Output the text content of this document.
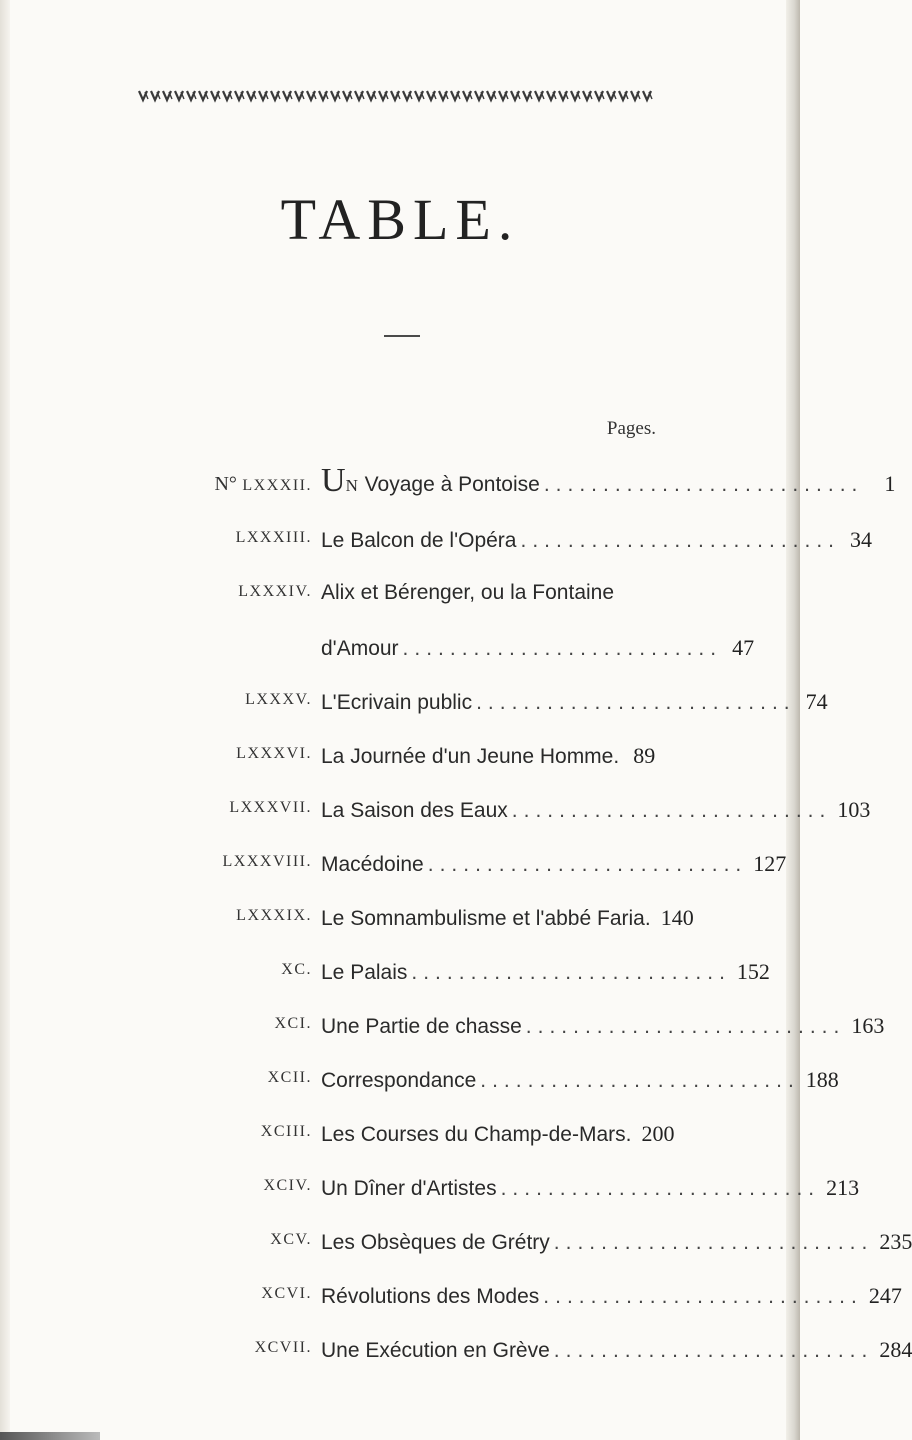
TABLE.
Pages.
N° LXXXII. UN Voyage à Pontoise ........................... 1
LXXXIII. Le Balcon de l'Opéra ........................... 34
LXXXIV. Alix et Bérenger, ou la Fontaine
d'Amour ........................... 47
LXXXV. L'Ecrivain public ........................... 74
LXXXVI. La Journée d'un Jeune Homme. 89
LXXXVII. La Saison des Eaux ........................... 103
LXXXVIII. Macédoine ........................... 127
LXXXIX. Le Somnambulisme et l'abbé Faria. 140
XC. Le Palais ........................... 152
XCI. Une Partie de chasse ........................... 163
XCII. Correspondance ........................... 188
XCIII. Les Courses du Champ-de-Mars. 200
XCIV. Un Dîner d'Artistes ........................... 213
XCV. Les Obsèques de Grétry ........................... 235
XCVI. Révolutions des Modes ........................... 247
XCVII. Une Exécution en Grève ........................... 284
